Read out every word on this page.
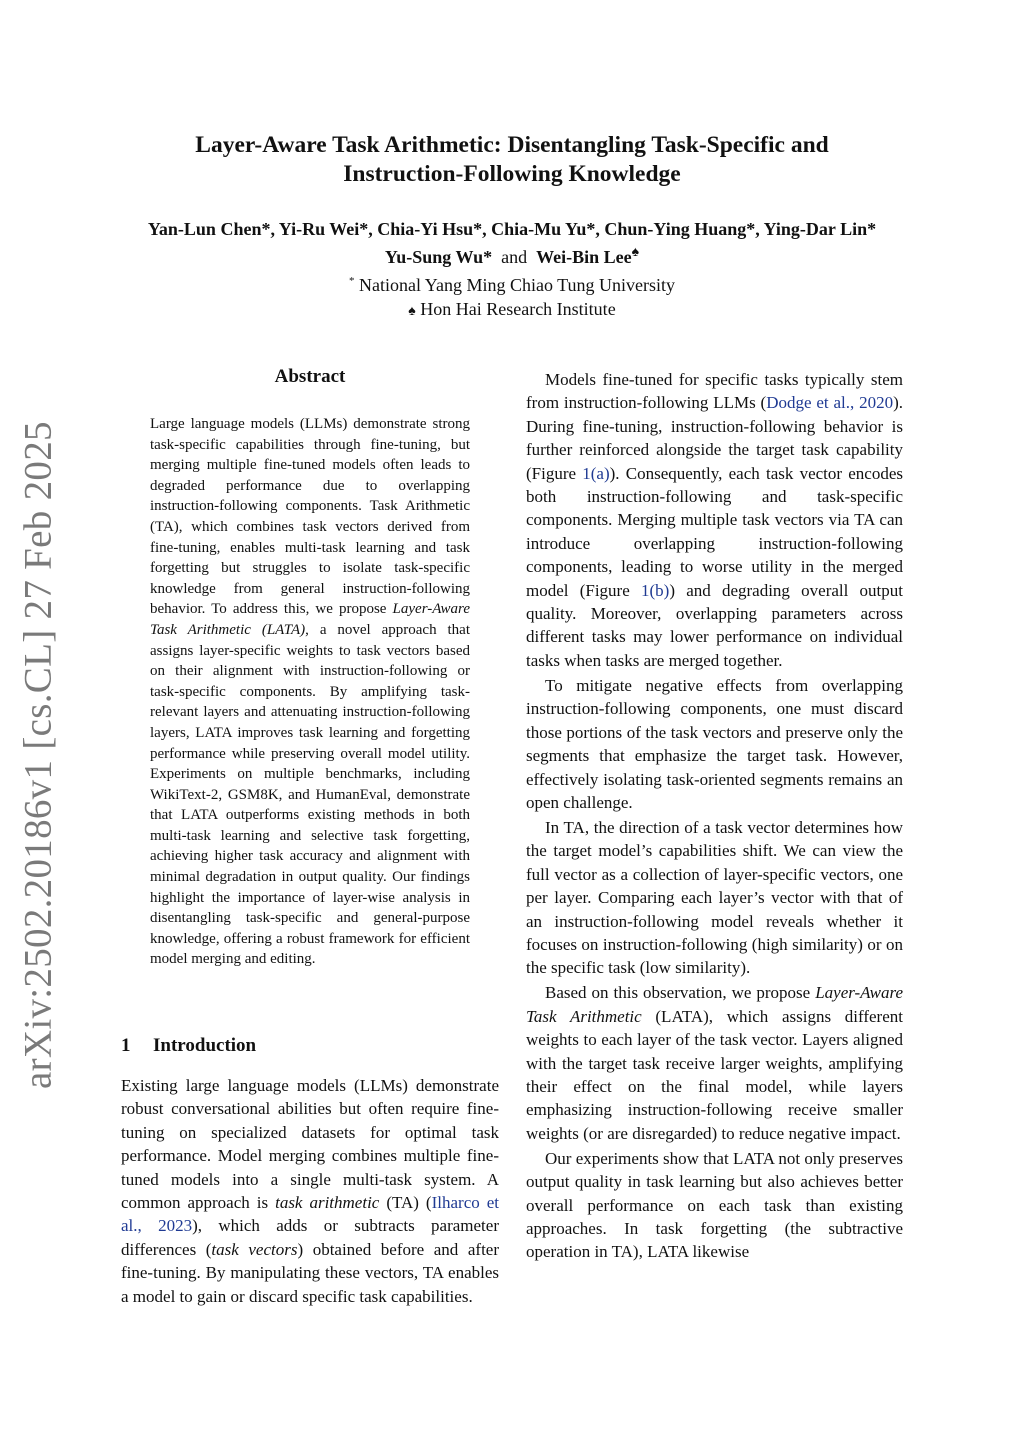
arXiv:2502.20186v1 [cs.CL] 27 Feb 2025
Layer-Aware Task Arithmetic: Disentangling Task-Specific and
Instruction-Following Knowledge
Yan-Lun Chen*, Yi-Ru Wei*, Chia-Yi Hsu*, Chia-Mu Yu*, Chun-Ying Huang*, Ying-Dar Lin*
Yu-Sung Wu* and Wei-Bin Lee♠
* National Yang Ming Chiao Tung University
♠ Hon Hai Research Institute
Abstract
Large language models (LLMs) demonstrate strong task-specific capabilities through fine-tuning, but merging multiple fine-tuned models often leads to degraded performance due to overlapping instruction-following components. Task Arithmetic (TA), which combines task vectors derived from fine-tuning, enables multi-task learning and task forgetting but struggles to isolate task-specific knowledge from general instruction-following behavior. To address this, we propose Layer-Aware Task Arithmetic (LATA), a novel approach that assigns layer-specific weights to task vectors based on their alignment with instruction-following or task-specific components. By amplifying task-relevant layers and attenuating instruction-following layers, LATA improves task learning and forgetting performance while preserving overall model utility. Experiments on multiple benchmarks, including WikiText-2, GSM8K, and HumanEval, demonstrate that LATA outperforms existing methods in both multi-task learning and selective task forgetting, achieving higher task accuracy and alignment with minimal degradation in output quality. Our findings highlight the importance of layer-wise analysis in disentangling task-specific and general-purpose knowledge, offering a robust framework for efficient model merging and editing.
1 Introduction
Existing large language models (LLMs) demonstrate robust conversational abilities but often require fine-tuning on specialized datasets for optimal task performance. Model merging combines multiple fine-tuned models into a single multi-task system. A common approach is task arithmetic (TA) (Ilharco et al., 2023), which adds or subtracts parameter differences (task vectors) obtained before and after fine-tuning. By manipulating these vectors, TA enables a model to gain or discard specific task capabilities.

Models fine-tuned for specific tasks typically stem from instruction-following LLMs (Dodge et al., 2020). During fine-tuning, instruction-following behavior is further reinforced alongside the target task capability (Figure 1(a)). Consequently, each task vector encodes both instruction-following and task-specific components. Merging multiple task vectors via TA can introduce overlapping instruction-following components, leading to worse utility in the merged model (Figure 1(b)) and degrading overall output quality. Moreover, overlapping parameters across different tasks may lower performance on individual tasks when tasks are merged together.

To mitigate negative effects from overlapping instruction-following components, one must discard those portions of the task vectors and preserve only the segments that emphasize the target task. However, effectively isolating task-oriented segments remains an open challenge.

In TA, the direction of a task vector determines how the target model’s capabilities shift. We can view the full vector as a collection of layer-specific vectors, one per layer. Comparing each layer’s vector with that of an instruction-following model reveals whether it focuses on instruction-following (high similarity) or on the specific task (low similarity).

Based on this observation, we propose Layer-Aware Task Arithmetic (LATA), which assigns different weights to each layer of the task vector. Layers aligned with the target task receive larger weights, amplifying their effect on the final model, while layers emphasizing instruction-following receive smaller weights (or are disregarded) to reduce negative impact.

Our experiments show that LATA not only preserves output quality in task learning but also achieves better overall performance on each task than existing approaches. In task forgetting (the subtractive operation in TA), LATA likewise
